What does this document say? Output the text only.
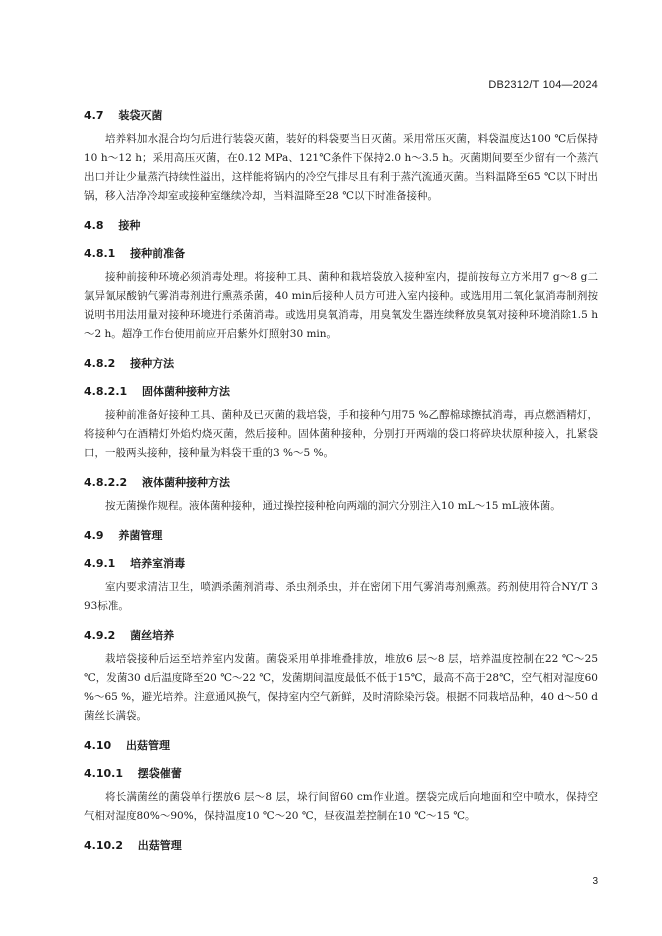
DB2312/T 104—2024
4.7　 装袋灭菌

培养料加水混合均匀后进行装袋灭菌，装好的料袋要当日灭菌。采用常压灭菌，料袋温度达100 ℃后保持10 h～12 h；采用高压灭菌，在0.12 MPa、121℃条件下保持2.0 h～3.5 h。灭菌期间要至少留有一个蒸汽出口并让少量蒸汽持续性溢出，这样能将锅内的冷空气排尽且有利于蒸汽流通灭菌。当料温降至65 ℃以下时出锅，移入洁净冷却室或接种室继续冷却，当料温降至28 ℃以下时准备接种。

4.8　 接种
4.8.1　 接种前准备

接种前接种环境必须消毒处理。将接种工具、菌种和栽培袋放入接种室内，提前按每立方米用7 g～8 g二氯异氰尿酸钠气雾消毒剂进行熏蒸杀菌，40 min后接种人员方可进入室内接种。或选用用二氧化氯消毒制剂按说明书用法用量对接种环境进行杀菌消毒。或选用臭氧消毒，用臭氧发生器连续释放臭氧对接种环境消除1.5 h～2 h。超净工作台使用前应开启紫外灯照射30 min。

4.8.2　 接种方法
4.8.2.1　 固体菌种接种方法

接种前准备好接种工具、菌种及已灭菌的栽培袋，手和接种勺用75 %乙醇棉球擦拭消毒，再点燃酒精灯，将接种勺在酒精灯外焰灼烧灭菌，然后接种。固体菌种接种，分别打开两端的袋口将碎块状原种接入，扎紧袋口，一般两头接种，接种量为料袋干重的3 %～5 %。

4.8.2.2　 液体菌种接种方法

按无菌操作规程。液体菌种接种，通过操控接种枪向两端的洞穴分别注入10 mL～15 mL液体菌。

4.9　 养菌管理
4.9.1　 培养室消毒

室内要求清洁卫生，喷洒杀菌剂消毒、杀虫剂杀虫，并在密闭下用气雾消毒剂熏蒸。药剂使用符合NY/T 393标准。

4.9.2　 菌丝培养

栽培袋接种后运至培养室内发菌。菌袋采用单排堆叠排放，堆放6 层～8 层，培养温度控制在22 ℃～25 ℃，发菌30 d后温度降至20 ℃～22 ℃，发菌期间温度最低不低于15℃，最高不高于28℃，空气相对湿度60 %～65 %，避光培养。注意通风换气，保持室内空气新鲜，及时清除染污袋。根据不同栽培品种，40 d～50 d菌丝长满袋。

4.10　 出菇管理
4.10.1　 摆袋催蕾

将长满菌丝的菌袋单行摆放6 层～8 层，垛行间留60 cm作业道。摆袋完成后向地面和空中喷水，保持空气相对湿度80%～90%，保持温度10 ℃～20 ℃，昼夜温差控制在10 ℃～15 ℃。

4.10.2　 出菇管理
3
